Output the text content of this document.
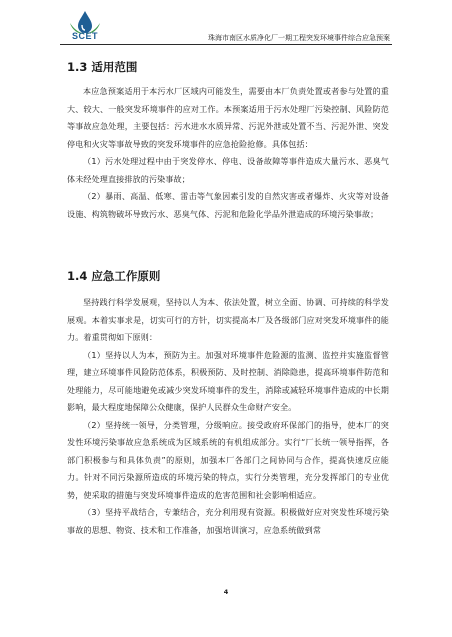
SCET	珠海市南区水质净化厂一期工程突发环境事件综合应急预案
1.3 适用范围

本应急预案适用于本污水厂区域内可能发生，需要由本厂负责处置或者参与处置的重大、较大、一般突发环境事件的应对工作。本预案适用于污水处理厂污染控制、风险防范等事故应急处理，主要包括：污水进水水质异常、污泥外泄或处置不当、污泥外泄、突发停电和火灾等事故导致的突发环境事件的应急抢险抢修。具体包括：

（1）污水处理过程中由于突发停水、停电、设备故障等事件造成大量污水、恶臭气体未经处理直接排放的污染事故；

（2）暴雨、高温、低寒、雷击等气象因素引发的自然灾害或者爆炸、火灾等对设备设施、构筑物破坏导致污水、恶臭气体、污泥和危险化学品外泄造成的环境污染事故；

1.4 应急工作原则

坚持践行科学发展观，坚持以人为本、依法处置，树立全面、协调、可持续的科学发展观。本着实事求是，切实可行的方针，切实提高本厂及各级部门应对突发环境事件的能力。着重贯彻如下原则：

（1）坚持以人为本，预防为主。加强对环境事件危险源的监测、监控并实施监督管理，建立环境事件风险防范体系，积极预防、及时控制、消除隐患，提高环境事件防范和处理能力，尽可能地避免或减少突发环境事件的发生，消除或减轻环境事件造成的中长期影响，最大程度地保障公众健康，保护人民群众生命财产安全。

（2）坚持统一领导，分类管理，分级响应。接受政府环保部门的指导，使本厂的突发性环境污染事故应急系统成为区域系统的有机组成部分。实行“厂长统一领导指挥，各部门积极参与和具体负责”的原则，加强本厂各部门之间协同与合作，提高快速反应能力。针对不同污染源所造成的环境污染的特点，实行分类管理，充分发挥部门的专业优势，使采取的措施与突发环境事件造成的危害范围和社会影响相适应。

（3）坚持平战结合，专兼结合，充分利用现有资源。积极做好应对突发性环境污染事故的思想、物资、技术和工作准备，加强培训演习，应急系统做到常

4
